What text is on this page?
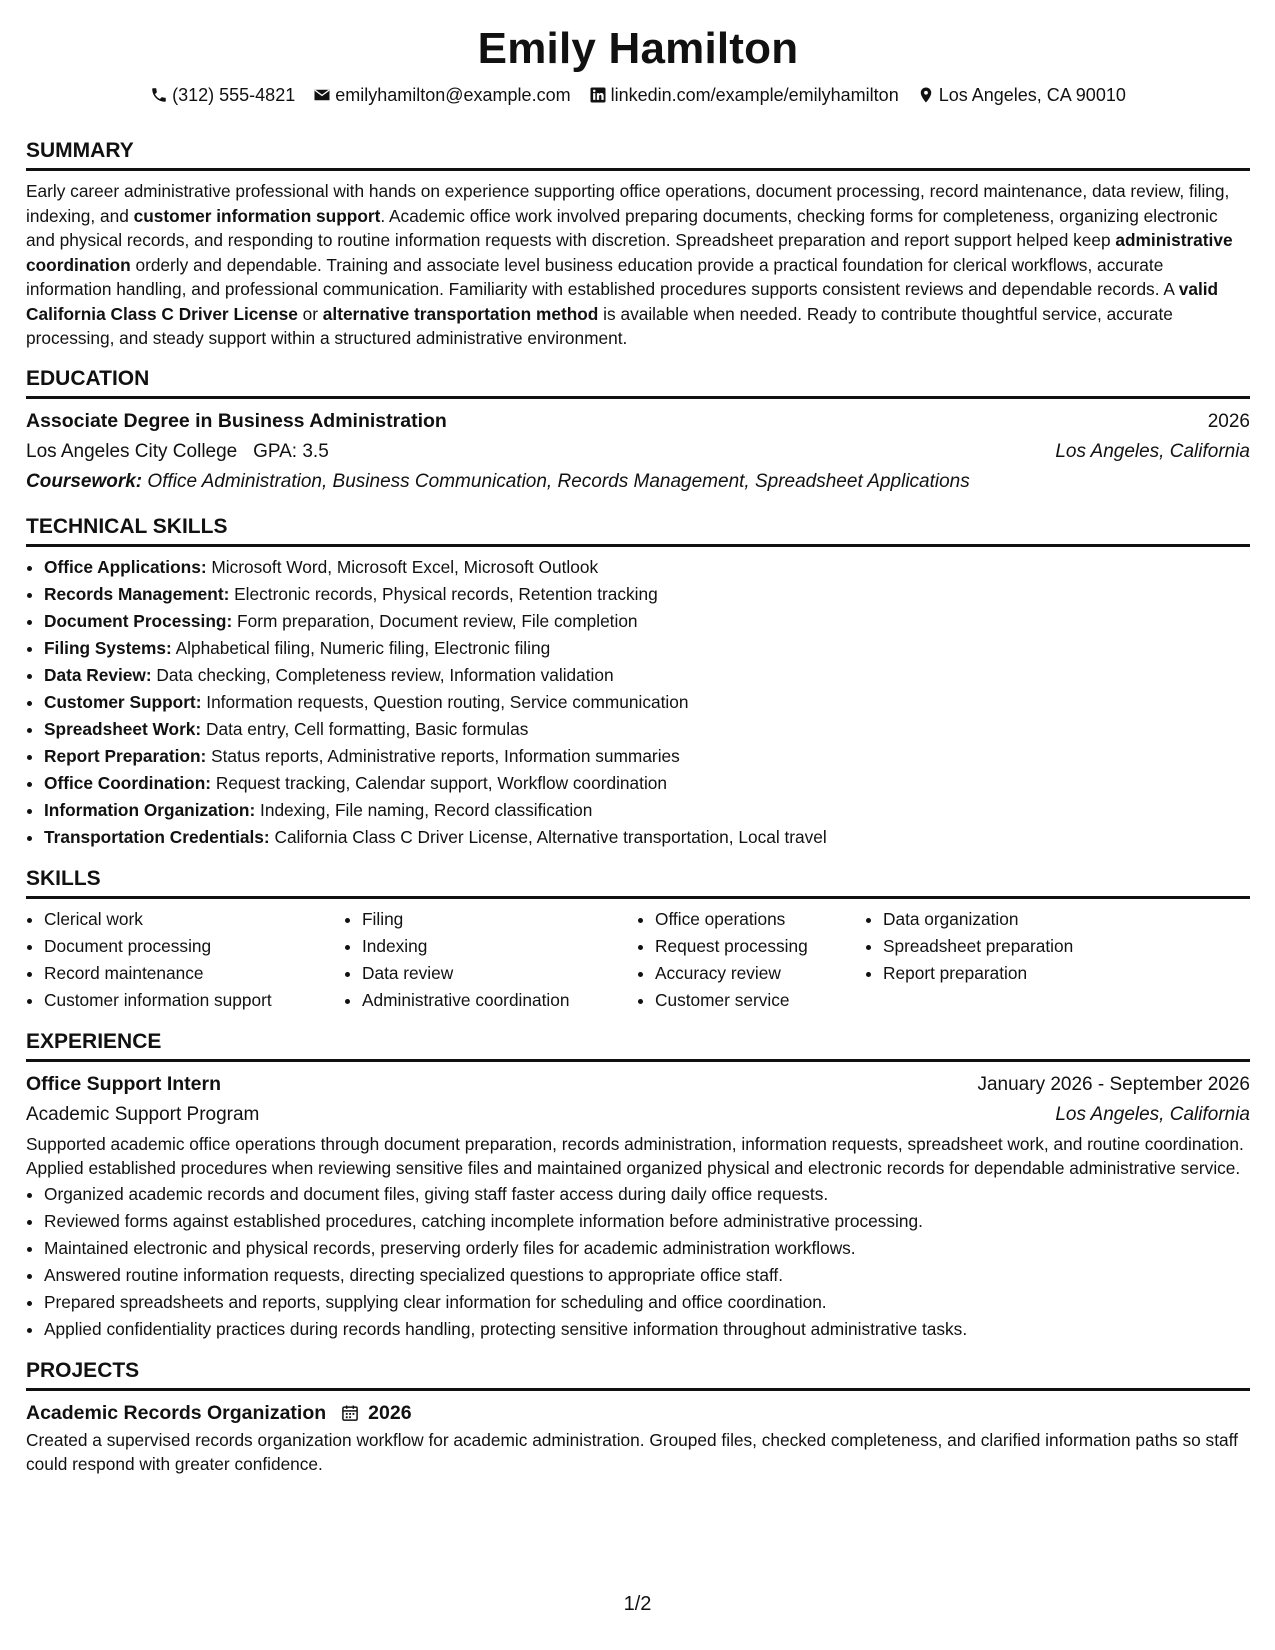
Emily Hamilton
(312) 555-4821 emilyhamilton@example.com linkedin.com/example/emilyhamilton Los Angeles, CA 90010
SUMMARY

Early career administrative professional with hands on experience supporting office operations, document processing, record maintenance, data review, filing, indexing, and customer information support. Academic office work involved preparing documents, checking forms for completeness, organizing electronic and physical records, and responding to routine information requests with discretion. Spreadsheet preparation and report support helped keep administrative coordination orderly and dependable. Training and associate level business education provide a practical foundation for clerical workflows, accurate information handling, and professional communication. Familiarity with established procedures supports consistent reviews and dependable records. A valid California Class C Driver License or alternative transportation method is available when needed. Ready to contribute thoughtful service, accurate processing, and steady support within a structured administrative environment.

EDUCATION
Associate Degree in Business Administration	2026
Los Angeles City College GPA: 3.5	Los Angeles, California
Coursework: Office Administration, Business Communication, Records Management, Spreadsheet Applications
TECHNICAL SKILLS
• Office Applications: Microsoft Word, Microsoft Excel, Microsoft Outlook
• Records Management: Electronic records, Physical records, Retention tracking
• Document Processing: Form preparation, Document review, File completion
• Filing Systems: Alphabetical filing, Numeric filing, Electronic filing
• Data Review: Data checking, Completeness review, Information validation
• Customer Support: Information requests, Question routing, Service communication
• Spreadsheet Work: Data entry, Cell formatting, Basic formulas
• Report Preparation: Status reports, Administrative reports, Information summaries
• Office Coordination: Request tracking, Calendar support, Workflow coordination
• Information Organization: Indexing, File naming, Record classification
• Transportation Credentials: California Class C Driver License, Alternative transportation, Local travel
SKILLS
• Clerical work
• Document processing
• Record maintenance
• Customer information support
• Filing
• Indexing
• Data review
• Administrative coordination
• Office operations
• Request processing
• Accuracy review
• Customer service
• Data organization
• Spreadsheet preparation
• Report preparation
EXPERIENCE
Office Support Intern	January 2026 - September 2026
Academic Support Program	Los Angeles, California

Supported academic office operations through document preparation, records administration, information requests, spreadsheet work, and routine coordination. Applied established procedures when reviewing sensitive files and maintained organized physical and electronic records for dependable administrative service.

• Organized academic records and document files, giving staff faster access during daily office requests.
• Reviewed forms against established procedures, catching incomplete information before administrative processing.
• Maintained electronic and physical records, preserving orderly files for academic administration workflows.
• Answered routine information requests, directing specialized questions to appropriate office staff.
• Prepared spreadsheets and reports, supplying clear information for scheduling and office coordination.
• Applied confidentiality practices during records handling, protecting sensitive information throughout administrative tasks.
PROJECTS
Academic Records Organization 2026

Created a supervised records organization workflow for academic administration. Grouped files, checked completeness, and clarified information paths so staff could respond with greater confidence.

1/2
